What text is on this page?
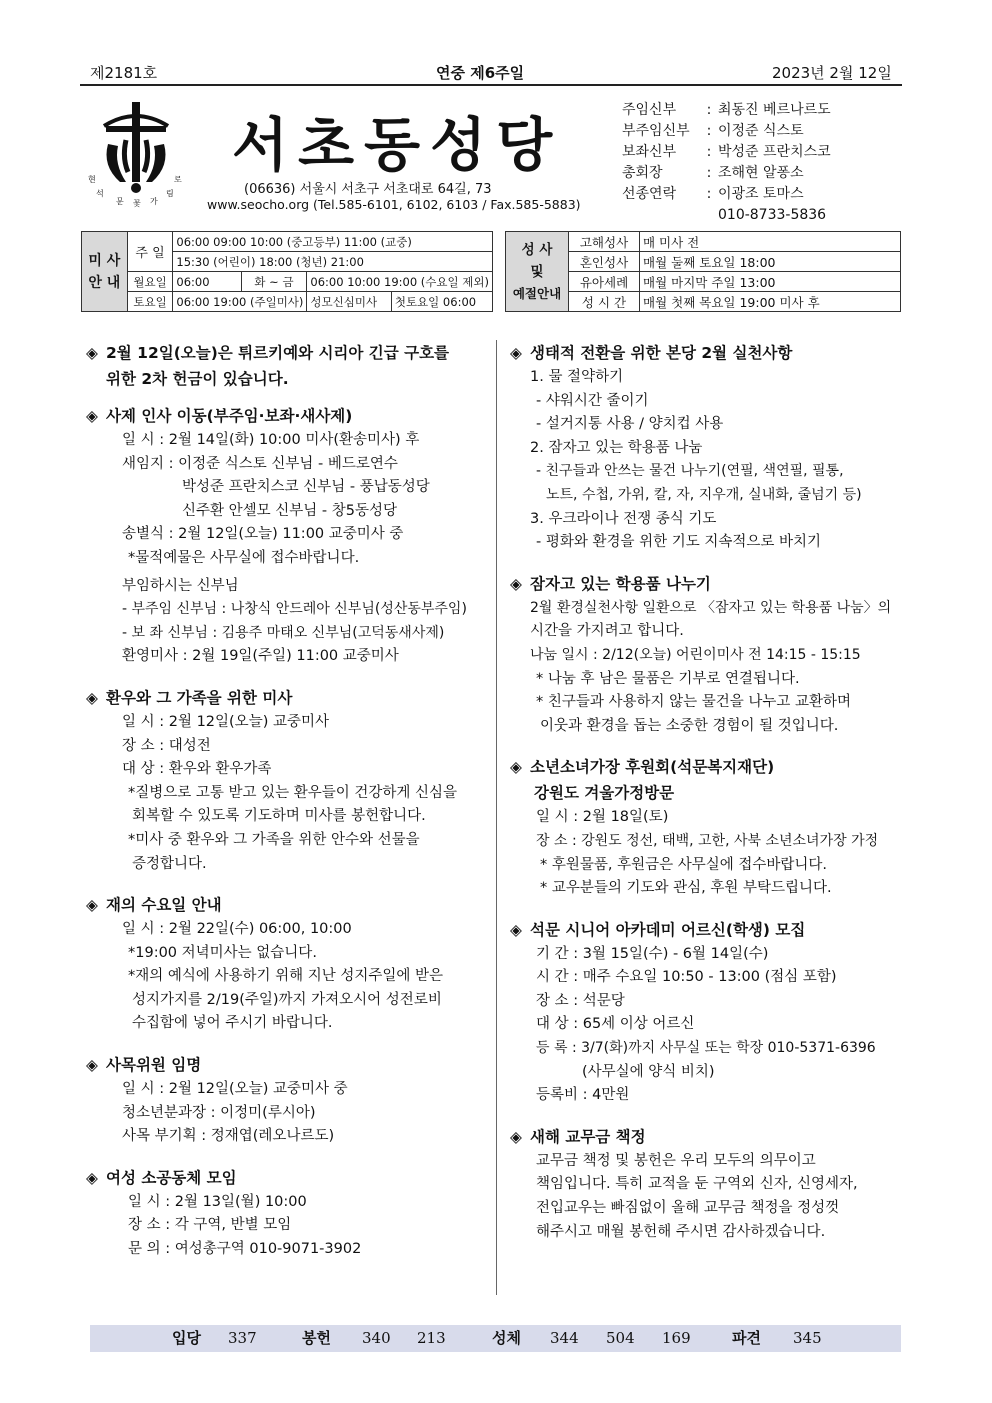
제2181호	연중 제6주일	2023년 2월 12일
현	로
석	림
문	가
꽃
서초동성당
(06636) 서울시 서초구 서초대로 64길, 73
www.seocho.org (Tel.585-6101, 6102, 6103 / Fax.585-5883)
주임신부	: 최동진 베르나르도
부주임신부	: 이정준 식스토
보좌신부	: 박성준 프란치스코
총회장	: 조해현 알퐁소
선종연락	: 이광조 토마스
010-8733-5836
미 사
안 내	주 일	06:00 09:00 10:00 (중고등부) 11:00 (교중)			
		15:30 (어린이) 18:00 (청년) 21:00			
	월요일	06:00	화 ~ 금	06:00 10:00 19:00 (수요일 제외)	
	토요일	06:00 19:00 (주일미사)		성모신심미사	첫토요일 06:00
성 사
및
예절안내	고해성사	매 미사 전
	혼인성사	매월 둘째 토요일 18:00
	유아세례	매월 마지막 주일 13:00
	성 시 간	매월 첫째 목요일 19:00 미사 후
◈ 2월 12일(오늘)은 튀르키예와 시리아 긴급 구호를
위한 2차 헌금이 있습니다.
◈ 사제 인사 이동(부주임·보좌·새사제)
일 시 : 2월 14일(화) 10:00 미사(환송미사) 후
새임지 : 이정준 식스토 신부님 - 베드로연수
박성준 프란치스코 신부님 - 풍납동성당
신주환 안셀모 신부님 - 창5동성당
송별식 : 2월 12일(오늘) 11:00 교중미사 중
*물적예물은 사무실에 접수바랍니다.
부임하시는 신부님
- 부주임 신부님 : 나창식 안드레아 신부님(성산동부주임)
- 보 좌 신부님 : 김용주 마태오 신부님(고덕동새사제)
환영미사 : 2월 19일(주일) 11:00 교중미사
◈ 환우와 그 가족을 위한 미사
일 시 : 2월 12일(오늘) 교중미사
장 소 : 대성전
대 상 : 환우와 환우가족
*질병으로 고통 받고 있는 환우들이 건강하게 신심을
회복할 수 있도록 기도하며 미사를 봉헌합니다.
*미사 중 환우와 그 가족을 위한 안수와 선물을
증정합니다.
◈ 재의 수요일 안내
일 시 : 2월 22일(수) 06:00, 10:00
*19:00 저녁미사는 없습니다.
*재의 예식에 사용하기 위해 지난 성지주일에 받은
성지가지를 2/19(주일)까지 가져오시어 성전로비
수집함에 넣어 주시기 바랍니다.
◈ 사목위원 임명
일 시 : 2월 12일(오늘) 교중미사 중
청소년분과장 : 이정미(루시아)
사목 부기획 : 정재엽(레오나르도)
◈ 여성 소공동체 모임
일 시 : 2월 13일(월) 10:00
장 소 : 각 구역, 반별 모임
문 의 : 여성총구역 010-9071-3902
◈ 생태적 전환을 위한 본당 2월 실천사항
1. 물 절약하기
- 샤워시간 줄이기
- 설거지통 사용 / 양치컵 사용
2. 잠자고 있는 학용품 나눔
- 친구들과 안쓰는 물건 나누기(연필, 색연필, 필통,
노트, 수첩, 가위, 칼, 자, 지우개, 실내화, 줄넘기 등)
3. 우크라이나 전쟁 종식 기도
- 평화와 환경을 위한 기도 지속적으로 바치기
◈ 잠자고 있는 학용품 나누기
2월 환경실천사항 일환으로 〈잠자고 있는 학용품 나눔〉의
시간을 가지려고 합니다.
나눔 일시 : 2/12(오늘) 어린이미사 전 14:15 - 15:15
* 나눔 후 남은 물품은 기부로 연결됩니다.
* 친구들과 사용하지 않는 물건을 나누고 교환하며
이웃과 환경을 돕는 소중한 경험이 될 것입니다.
◈ 소년소녀가장 후원회(석문복지재단)
강원도 겨울가정방문
일 시 : 2월 18일(토)
장 소 : 강원도 정선, 태백, 고한, 사북 소년소녀가장 가정
* 후원물품, 후원금은 사무실에 접수바랍니다.
* 교우분들의 기도와 관심, 후원 부탁드립니다.
◈ 석문 시니어 아카데미 어르신(학생) 모집
기 간 : 3월 15일(수) - 6월 14일(수)
시 간 : 매주 수요일 10:50 - 13:00 (점심 포함)
장 소 : 석문당
대 상 : 65세 이상 어르신
등 록 : 3/7(화)까지 사무실 또는 학장 010-5371-6396
(사무실에 양식 비치)
등록비 : 4만원
◈ 새해 교무금 책정
교무금 책정 및 봉헌은 우리 모두의 의무이고
책임입니다. 특히 교적을 둔 구역외 신자, 신영세자,
전입교우는 빠짐없이 올해 교무금 책정을 정성껏
해주시고 매월 봉헌해 주시면 감사하겠습니다.
입당 337	봉헌 340 213	성체 344 504 169	파견 345
